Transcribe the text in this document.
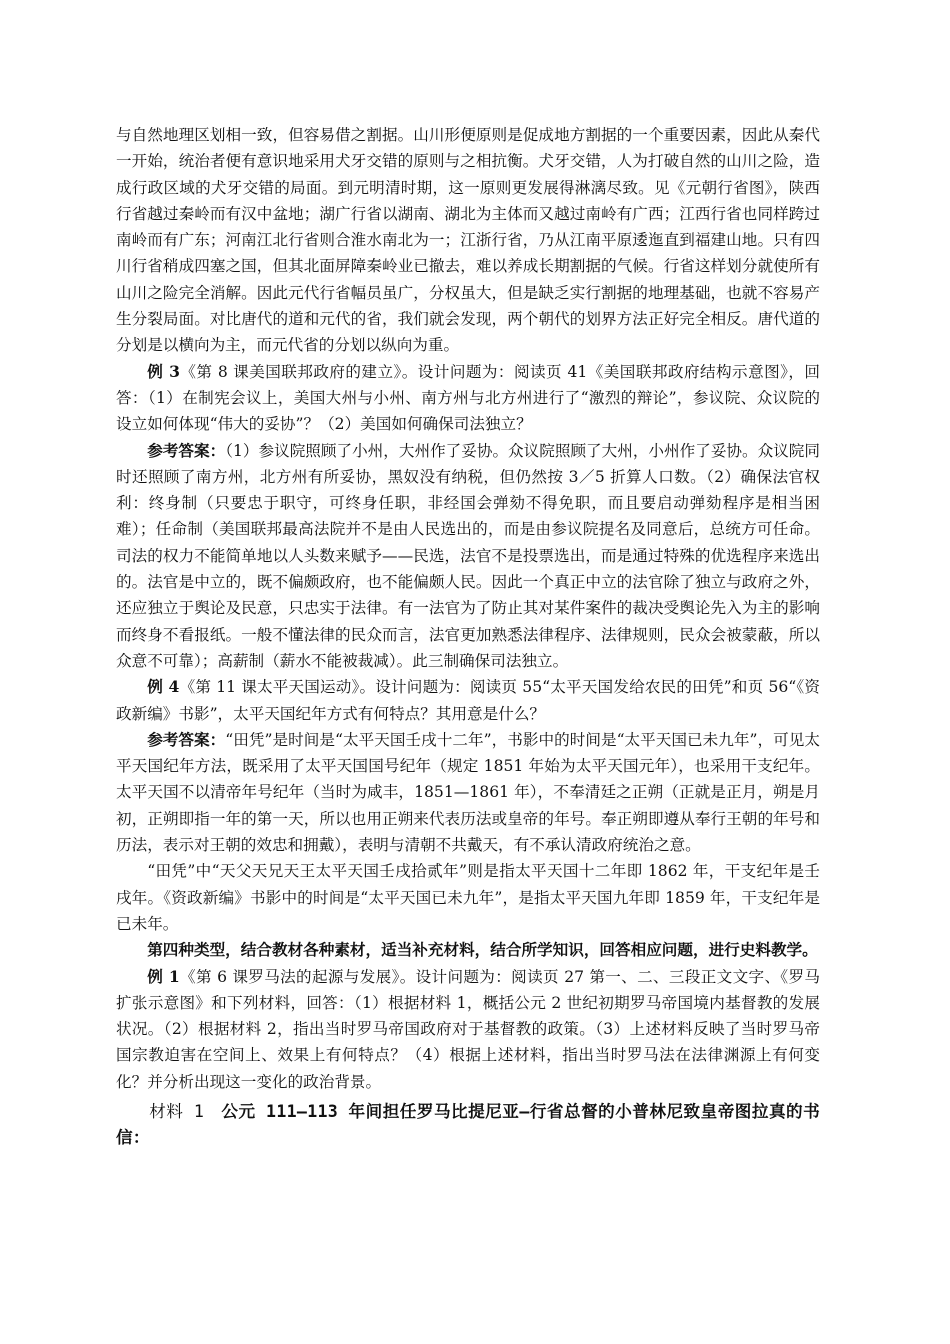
与自然地理区划相一致，但容易借之割据。山川形便原则是促成地方割据的一个重要因素，因此从秦代一开始，统治者便有意识地采用犬牙交错的原则与之相抗衡。犬牙交错，人为打破自然的山川之险，造成行政区域的犬牙交错的局面。到元明清时期，这一原则更发展得淋漓尽致。见《元朝行省图》，陕西行省越过秦岭而有汉中盆地；湖广行省以湖南、湖北为主体而又越过南岭有广西；江西行省也同样跨过南岭而有广东；河南江北行省则合淮水南北为一；江浙行省，乃从江南平原逶迤直到福建山地。只有四川行省稍成四塞之国，但其北面屏障秦岭业已撤去，难以养成长期割据的气候。行省这样划分就使所有山川之险完全消解。因此元代行省幅员虽广，分权虽大，但是缺乏实行割据的地理基础，也就不容易产生分裂局面。对比唐代的道和元代的省，我们就会发现，两个朝代的划界方法正好完全相反。唐代道的分划是以横向为主，而元代省的分划以纵向为重。

例 3《第 8 课美国联邦政府的建立》。设计问题为：阅读页 41《美国联邦政府结构示意图》，回答：（1）在制宪会议上，美国大州与小州、南方州与北方州进行了“激烈的辩论”，参议院、众议院的设立如何体现“伟大的妥协”？（2）美国如何确保司法独立？

参考答案：（1）参议院照顾了小州，大州作了妥协。众议院照顾了大州，小州作了妥协。众议院同时还照顾了南方州，北方州有所妥协，黑奴没有纳税，但仍然按 3／5 折算人口数。（2）确保法官权利：终身制（只要忠于职守，可终身任职，非经国会弹劾不得免职，而且要启动弹劾程序是相当困难）；任命制（美国联邦最高法院并不是由人民选出的，而是由参议院提名及同意后，总统方可任命。司法的权力不能简单地以人头数来赋予——民选，法官不是投票选出，而是通过特殊的优选程序来选出的。法官是中立的，既不偏颇政府，也不能偏颇人民。因此一个真正中立的法官除了独立与政府之外，还应独立于舆论及民意，只忠实于法律。有一法官为了防止其对某件案件的裁决受舆论先入为主的影响而终身不看报纸。一般不懂法律的民众而言，法官更加熟悉法律程序、法律规则，民众会被蒙蔽，所以众意不可靠）；高薪制（薪水不能被裁减）。此三制确保司法独立。

例 4《第 11 课太平天国运动》。设计问题为：阅读页 55“太平天国发给农民的田凭”和页 56“《资政新编》书影”，太平天国纪年方式有何特点？其用意是什么？

参考答案：“田凭”是时间是“太平天国壬戌十二年”，书影中的时间是“太平天国已未九年”，可见太平天国纪年方法，既采用了太平天国国号纪年（规定 1851 年始为太平天国元年），也采用干支纪年。太平天国不以清帝年号纪年（当时为咸丰，1851—1861 年），不奉清廷之正朔（正就是正月，朔是月初，正朔即指一年的第一天，所以也用正朔来代表历法或皇帝的年号。奉正朔即遵从奉行王朝的年号和历法，表示对王朝的效忠和拥戴），表明与清朝不共戴天，有不承认清政府统治之意。

“田凭”中“天父天兄天王太平天国壬戌拾贰年”则是指太平天国十二年即 1862 年，干支纪年是壬戌年。《资政新编》书影中的时间是“太平天国已未九年”，是指太平天国九年即 1859 年，干支纪年是已未年。

第四种类型，结合教材各种素材，适当补充材料，结合所学知识，回答相应问题，进行史料教学。

例 1《第 6 课罗马法的起源与发展》。设计问题为：阅读页 27 第一、二、三段正文文字、《罗马扩张示意图》和下列材料，回答：（1）根据材料 1，概括公元 2 世纪初期罗马帝国境内基督教的发展状况。（2）根据材料 2，指出当时罗马帝国政府对于基督教的政策。（3）上述材料反映了当时罗马帝国宗教迫害在空间上、效果上有何特点？（4）根据上述材料，指出当时罗马法在法律渊源上有何变化？并分析出现这一变化的政治背景。

材料 1　 公元 111—113 年间担任罗马比提尼亚—行省总督的小普林尼致皇帝图拉真的书信：
